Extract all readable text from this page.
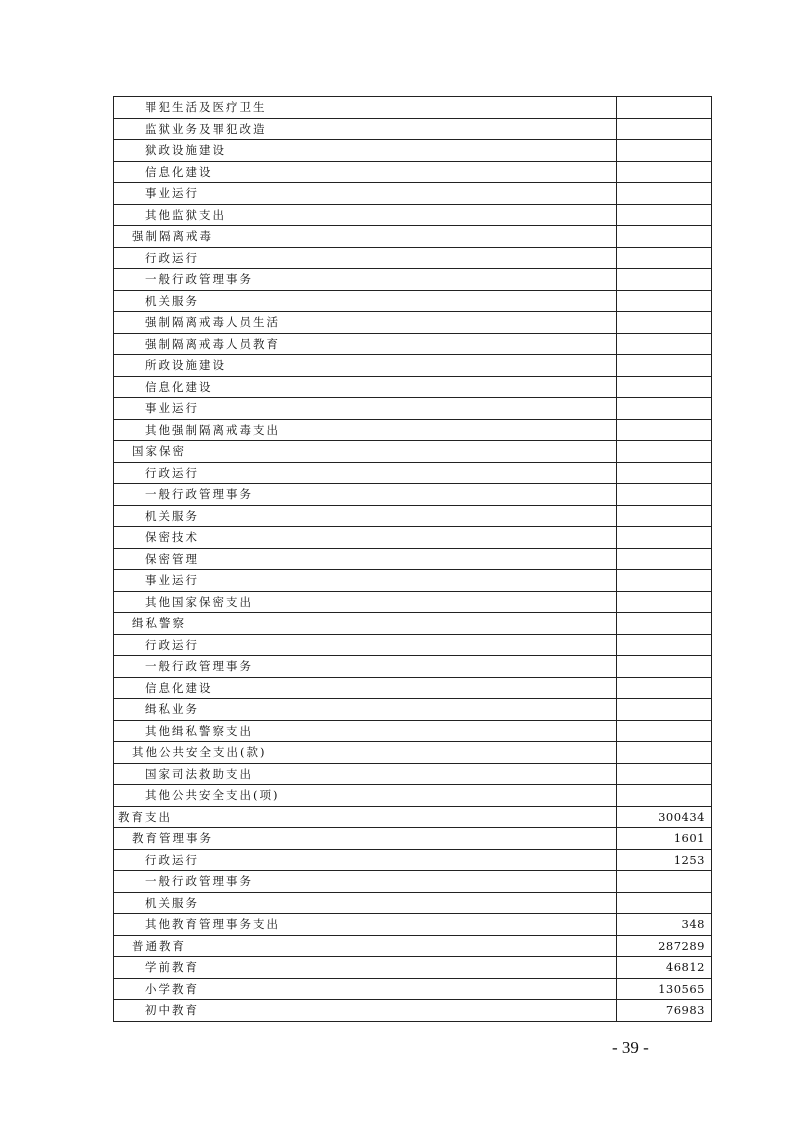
罪犯生活及医疗卫生	
监狱业务及罪犯改造	
狱政设施建设	
信息化建设	
事业运行	
其他监狱支出	
强制隔离戒毒	
行政运行	
一般行政管理事务	
机关服务	
强制隔离戒毒人员生活	
强制隔离戒毒人员教育	
所政设施建设	
信息化建设	
事业运行	
其他强制隔离戒毒支出	
国家保密	
行政运行	
一般行政管理事务	
机关服务	
保密技术	
保密管理	
事业运行	
其他国家保密支出	
缉私警察	
行政运行	
一般行政管理事务	
信息化建设	
缉私业务	
其他缉私警察支出	
其他公共安全支出(款)	
国家司法救助支出	
其他公共安全支出(项)	
教育支出	300434
教育管理事务	1601
行政运行	1253
一般行政管理事务	
机关服务	
其他教育管理事务支出	348
普通教育	287289
学前教育	46812
小学教育	130565
初中教育	76983
- 39 -
